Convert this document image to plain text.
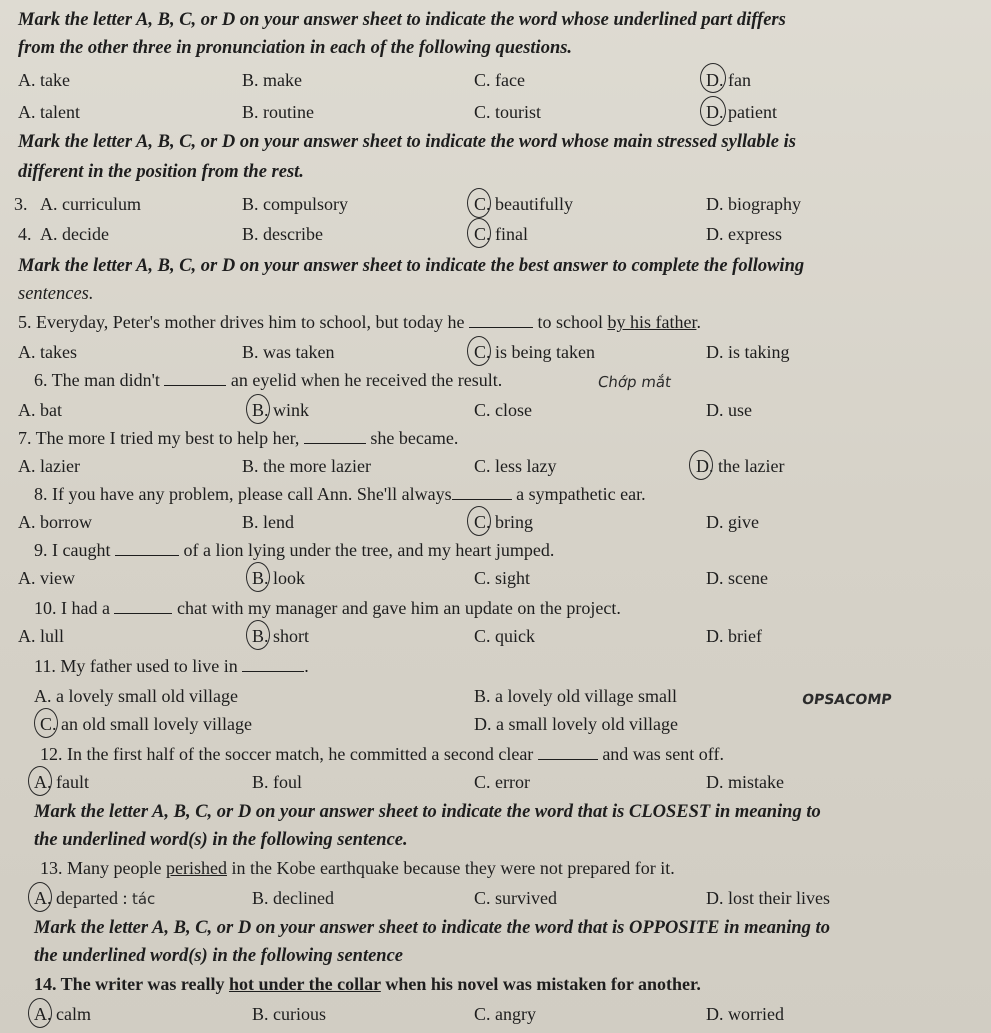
Mark the letter A, B, C, or D on your answer sheet to indicate the word whose underlined part differs
from the other three in pronunciation in each of the following questions.
A. take	B. make	C. face	D. fan
A. talent	B. routine	C. tourist	D. patient
Mark the letter A, B, C, or D on your answer sheet to indicate the word whose main stressed syllable is
different in the position from the rest.
3. A. curriculum	B. compulsory	C. beautifully	D. biography
4. A. decide	B. describe	C. final	D. express
Mark the letter A, B, C, or D on your answer sheet to indicate the best answer to complete the following
sentences.
5. Everyday, Peter's mother drives him to school, but today he	to school by his father.
A. takes	B. was taken	C. is being taken	D. is taking
6. The man didn't	an eyelid when he received the result.	Chớp mắt
A. bat	B. wink	C. close	D. use
7. The more I tried my best to help her,	she became.
A. lazier	B. the more lazier	C. less lazy	D. the lazier
8. If you have any problem, please call Ann. She'll always	a sympathetic ear.
A. borrow	B. lend	C. bring	D. give
9. I caught	of a lion lying under the tree, and my heart jumped.
A. view	B. look	C. sight	D. scene
10. I had a	chat with my manager and gave him an update on the project.
A. lull	B. short	C. quick	D. brief
11. My father used to live in	.
A. a lovely small old village	B. a lovely old village small	OPSACOMP
C. an old small lovely village	D. a small lovely old village
12. In the first half of the soccer match, he committed a second clear	and was sent off.
A. fault	B. foul	C. error	D. mistake
Mark the letter A, B, C, or D on your answer sheet to indicate the word that is CLOSEST in meaning to
the underlined word(s) in the following sentence.
13. Many people perished in the Kobe earthquake because they were not prepared for it.
A. departed : tác	B. declined	C. survived	D. lost their lives
Mark the letter A, B, C, or D on your answer sheet to indicate the word that is OPPOSITE in meaning to
the underlined word(s) in the following sentence
14. The writer was really hot under the collar when his novel was mistaken for another.
A. calm	B. curious	C. angry	D. worried
